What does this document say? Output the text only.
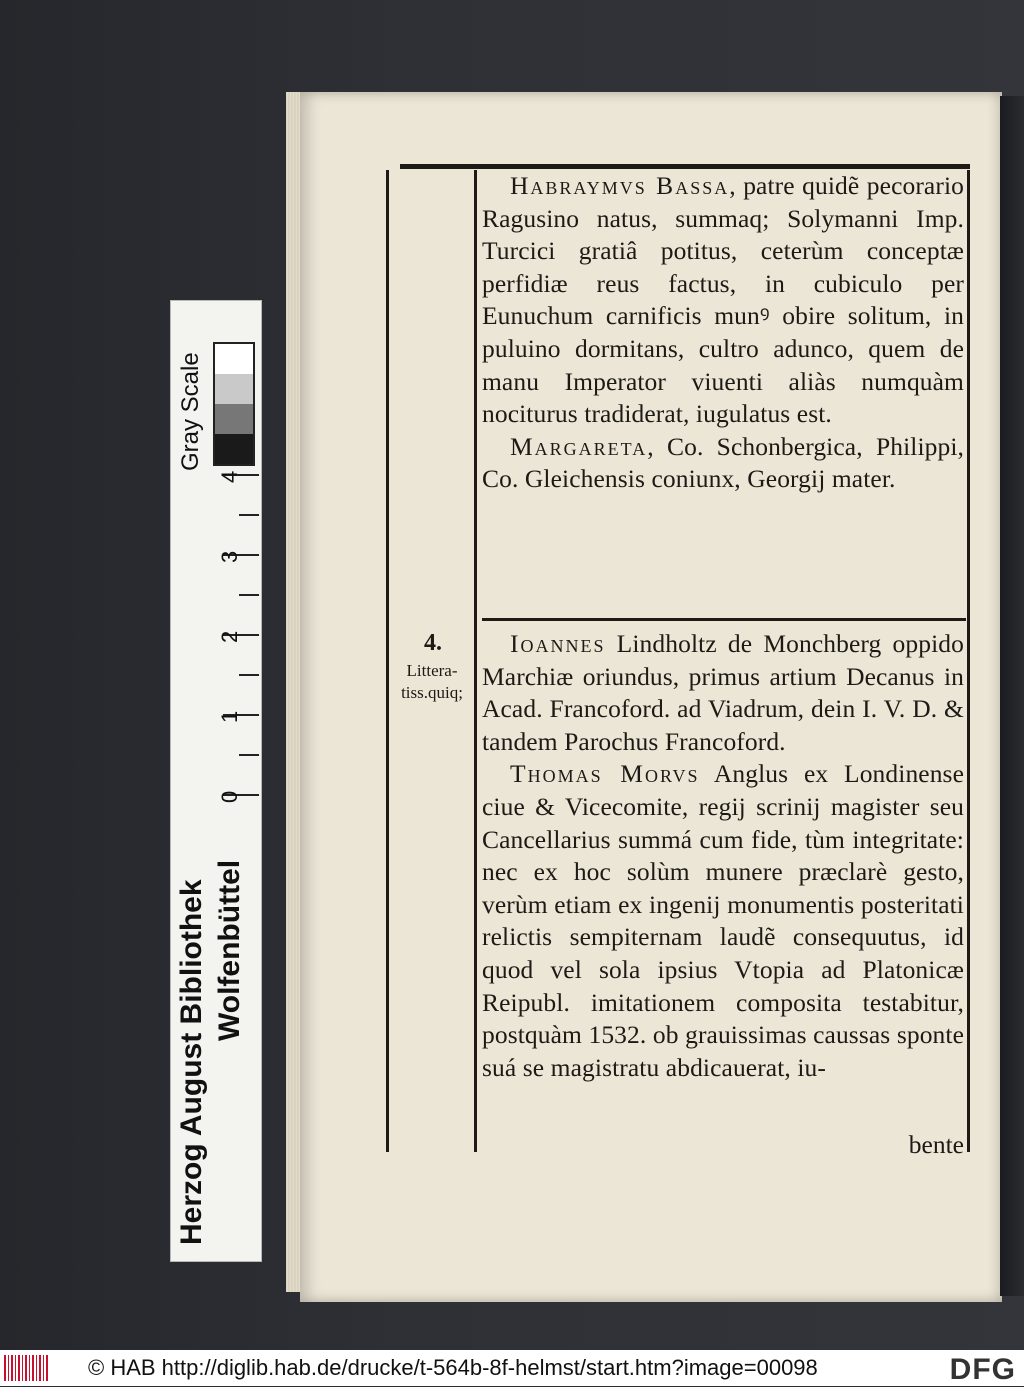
Habraymvs Bassa, patre quidẽ pecorario Ragusino natus, summaq; Solymanni Imp. Turcici gratiâ potitus, ceterùm conceptæ perfidiæ reus factus, in cubiculo per Eunuchum carnificis munꝰ obire solitum, in puluino dormitans, cultro adunco, quem de manu Imperator viuenti aliàs numquàm nociturus tradiderat, iugulatus est.

Margareta, Co. Schonbergica, Philippi, Co. Gleichensis coniunx, Georgij mater.

4.
Littera-
tiss.quiq;

Ioannes Lindholtz de Monchberg oppido Marchiæ oriundus, primus artium Decanus in Acad. Francoford. ad Viadrum, dein I. V. D. & tandem Parochus Francoford.

Thomas Morvs Anglus ex Londinense ciue & Vicecomite, regij scrinij magister seu Cancellarius summá cum fide, tùm integritate: nec ex hoc solùm munere præclarè gesto, verùm etiam ex ingenij monumentis posteritati relictis sempiternam laudẽ consequutus, id quod vel sola ipsius Vtopia ad Platonicæ Reipubl. imitationem composita testabitur, postquàm 1532. ob grauissimas caussas sponte suá se magistratu abdicauerat, iu-

bente
Herzog August Bibliothek Wolfenbüttel
0
1
2
3
4
Gray Scale
© HAB http://diglib.hab.de/drucke/t-564b-8f-helmst/start.htm?image=00098	DFG
